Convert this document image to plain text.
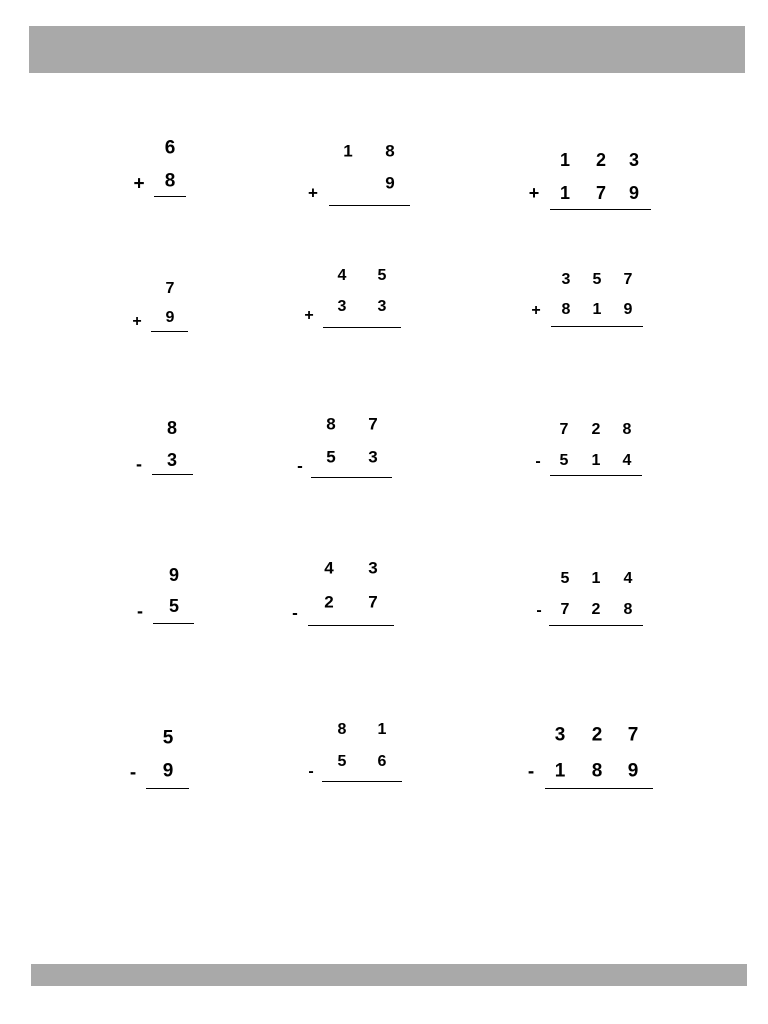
6
+ 8
1 8
+
9
1 2 3
+ 1 7 9
7
+ 9
4 5
+
3 3
3 5 7
+ 8 1 9
8
- 3
8 7
- 5 3
7 2 8
- 5 1 4
9
- 5
4 3
-
2 7
5 1 4
- 7 2 8
5
- 9
8 1
-
5 6
3 2 7
- 1 8 9
